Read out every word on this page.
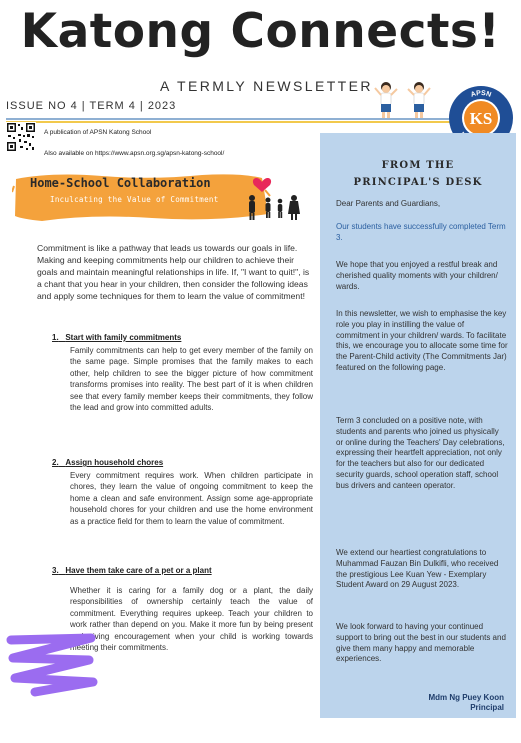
Katong Connects!
A TERMLY NEWSLETTER
ISSUE NO 4 | TERM 4 | 2023
A publication of APSN Katong School
Also available on https://www.apsn.org.sg/apsn-katong-school/
APSN
KS
FROM THE
PRINCIPAL'S DESK
Dear Parents and Guardians,
Our students have successfully completed Term 3.
We hope that you enjoyed a restful break and cherished quality moments with your children/ wards.
In this newsletter, we wish to emphasise the key role you play in instilling the value of commitment in your children/ wards. To facilitate this, we encourage you to allocate some time for the Parent-Child activity (The Commitments Jar) featured on the following page.
Term 3 concluded on a positive note, with students and parents who joined us physically or online during the Teachers' Day celebrations, expressing their heartfelt appreciation, not only for the teachers but also for our dedicated security guards, school operation staff, school bus drivers and canteen operator.
We extend our heartiest congratulations to Muhammad Fauzan Bin Dulkifli, who received the prestigious Lee Kuan Yew - Exemplary Student Award on 29 August 2023.
We look forward to having your continued support to bring out the best in our students and give them many happy and memorable experiences.
Mdm Ng Puey Koon
Principal
Home-School Collaboration
Inculcating the Value of Commitment
Commitment is like a pathway that leads us towards our goals in life. Making and keeping commitments help our children to achieve their goals and maintain meaningful relationships in life. If, "I want to quit!", is a chant that you hear in your children, then consider the following ideas and apply some techniques for them to learn the value of commitment!
1. Start with family commitments
Family commitments can help to get every member of the family on the same page. Simple promises that the family makes to each other, help children to see the bigger picture of how commitment transforms promises into reality. The best part of it is when children see that every family member keeps their commitments, they follow the lead and grow into committed adults.
2. Assign household chores
Every commitment requires work. When children participate in chores, they learn the value of ongoing commitment to keep the home a clean and safe environment. Assign some age-appropriate household chores for your children and use the home environment as a practice field for them to learn the value of commitment.
3. Have them take care of a pet or a plant
Whether it is caring for a family dog or a plant, the daily responsibilities of ownership certainly teach the value of commitment. Everything requires upkeep. Teach your children to work rather than depend on you. Make it more fun by being present and giving encouragement when your child is working towards meeting their commitments.
